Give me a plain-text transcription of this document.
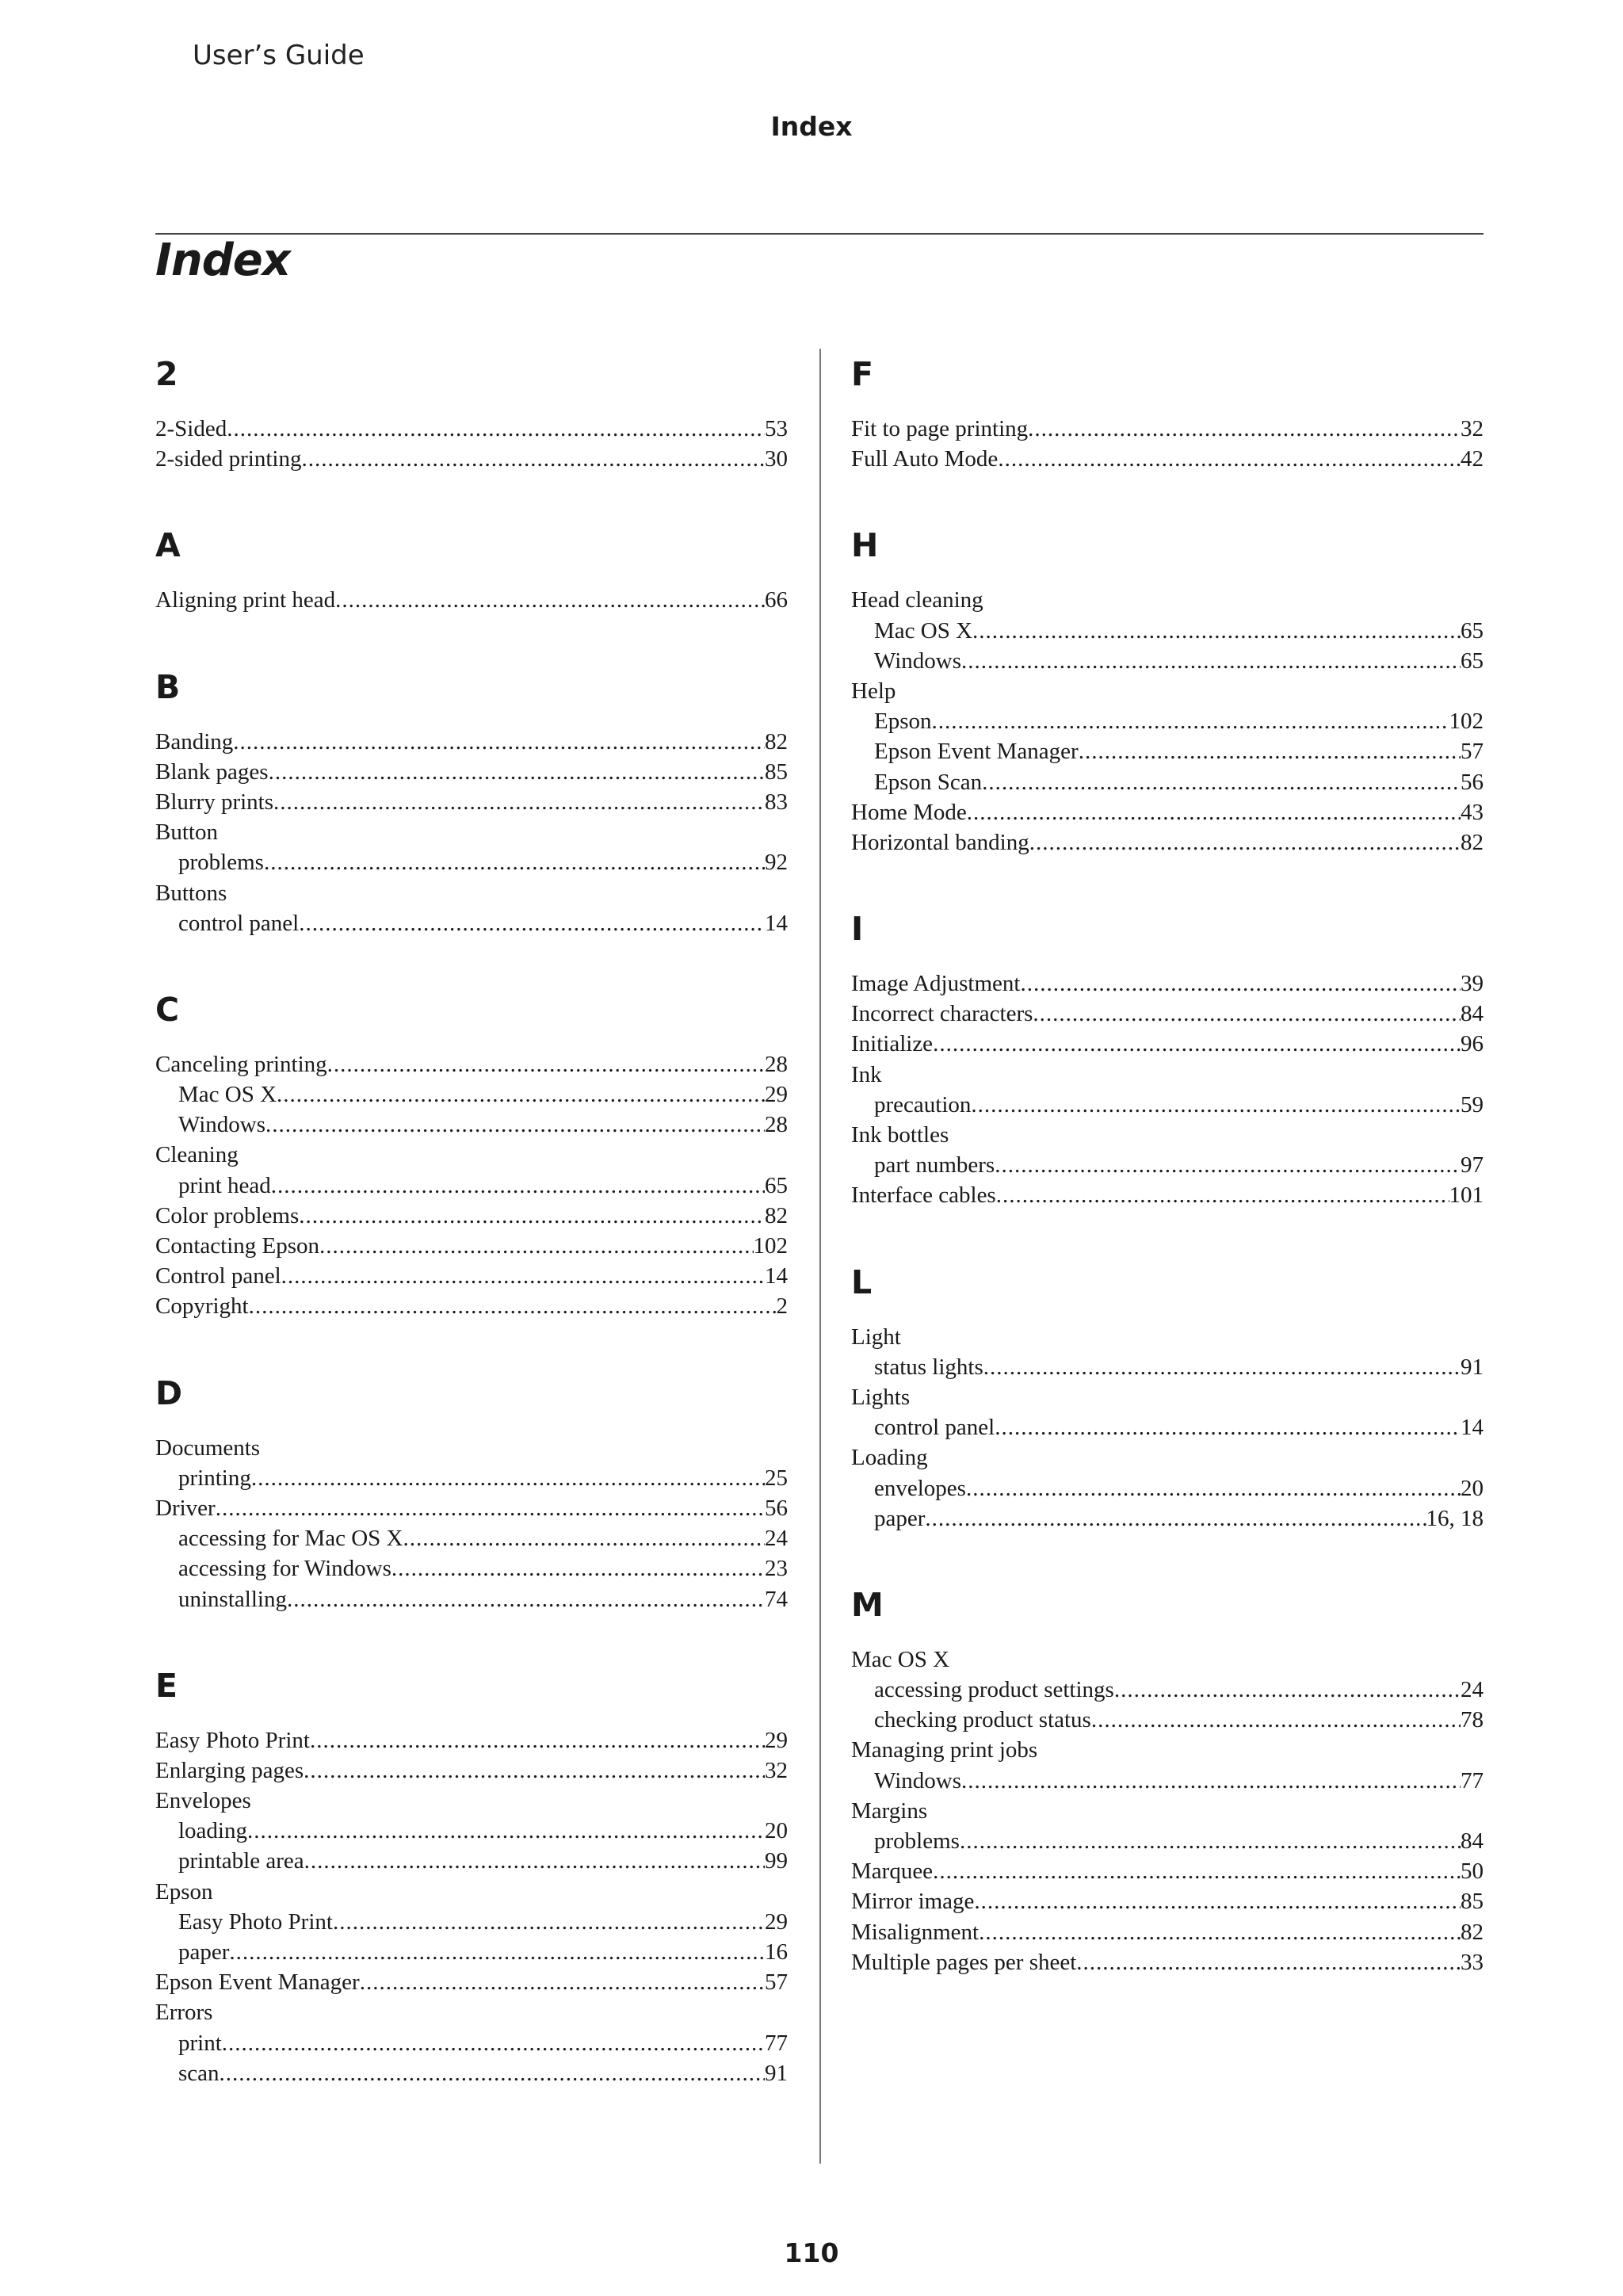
User’s Guide
Index
Index
2
2-Sided .....	53
2-sided printing .....	30
A
Aligning print head .....	66
B
Banding .....	82
Blank pages .....	85
Blurry prints .....	83
Button
problems .....	92
Buttons
control panel .....	14
C
Canceling printing .....	28
Mac OS X .....	29
Windows .....	28
Cleaning
print head .....	65
Color problems .....	82
Contacting Epson .....	102
Control panel .....	14
Copyright .....	2
D
Documents
printing .....	25
Driver .....	56
accessing for Mac OS X .....	24
accessing for Windows .....	23
uninstalling .....	74
E
Easy Photo Print .....	29
Enlarging pages .....	32
Envelopes
loading .....	20
printable area .....	99
Epson
Easy Photo Print .....	29
paper .....	16
Epson Event Manager .....	57
Errors
print .....	77
scan .....	91
F
Fit to page printing .....	32
Full Auto Mode .....	42
H
Head cleaning
Mac OS X .....	65
Windows .....	65
Help
Epson .....	102
Epson Event Manager .....	57
Epson Scan .....	56
Home Mode .....	43
Horizontal banding .....	82
I
Image Adjustment .....	39
Incorrect characters .....	84
Initialize .....	96
Ink
precaution .....	59
Ink bottles
part numbers .....	97
Interface cables .....	101
L
Light
status lights .....	91
Lights
control panel .....	14
Loading
envelopes .....	20
paper .....	16, 18
M
Mac OS X
accessing product settings .....	24
checking product status .....	78
Managing print jobs
Windows .....	77
Margins
problems .....	84
Marquee .....	50
Mirror image .....	85
Misalignment .....	82
Multiple pages per sheet .....	33
110
